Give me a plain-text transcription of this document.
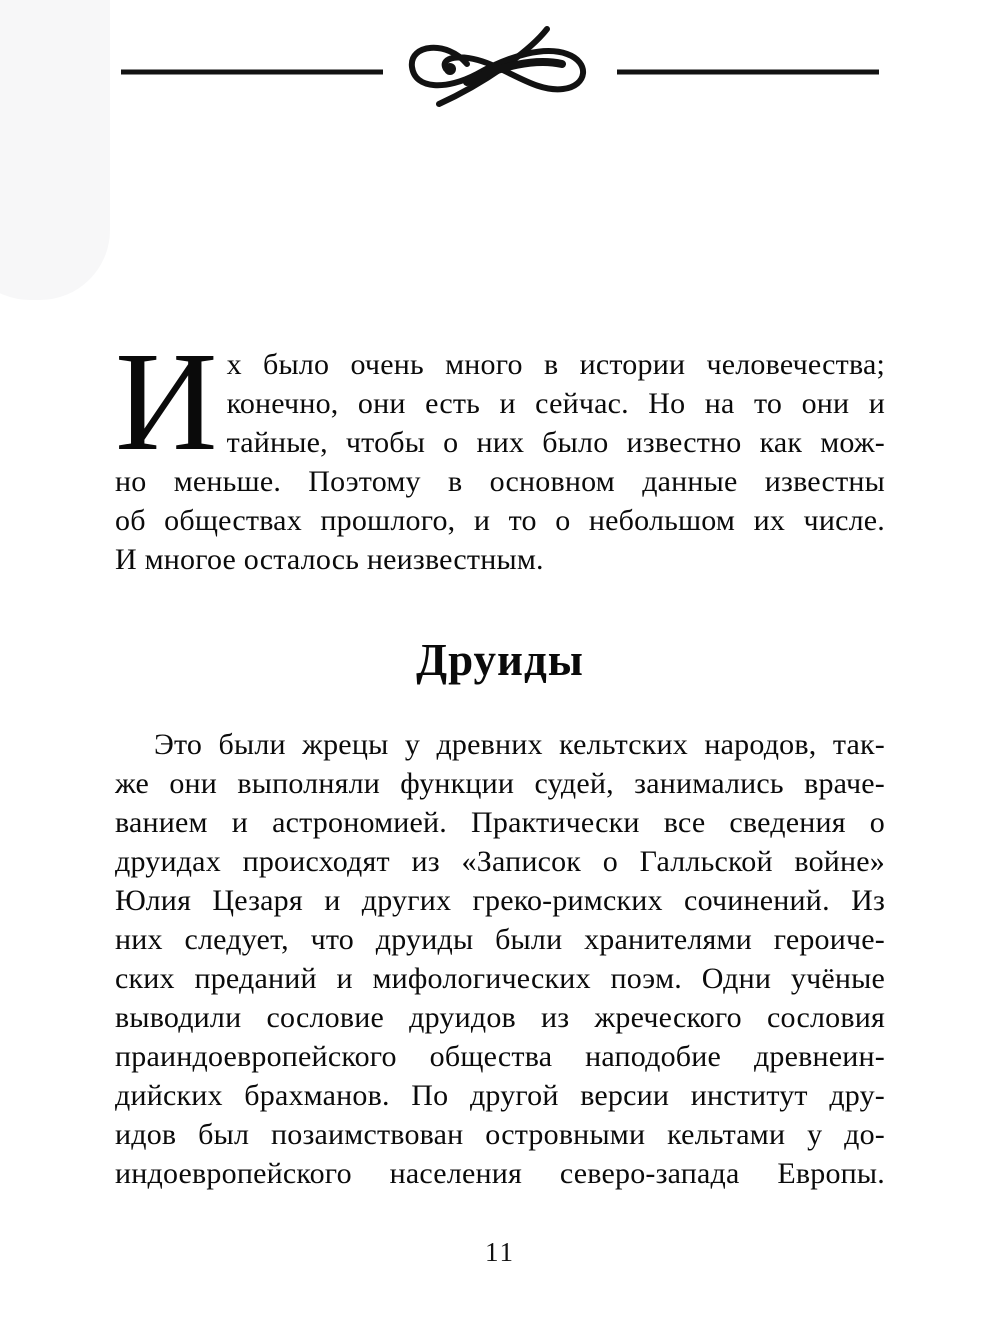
И х было очень много в истории человечества;
конечно, они есть и сейчас. Но на то они и
тайные, чтобы о них было известно как мож-
но меньше. Поэтому в основном данные известны
об обществах прошлого, и то о небольшом их числе.
И многое осталось неизвестным.
Друиды
Это были жрецы у древних кельтских народов, так-
же они выполняли функции судей, занимались враче-
ванием и астрономией. Практически все сведения о
друидах происходят из «Записок о Галльской войне»
Юлия Цезаря и других греко-римских сочинений. Из
них следует, что друиды были хранителями героиче-
ских преданий и мифологических поэм. Одни учёные
выводили сословие друидов из жреческого сословия
праиндоевропейского общества наподобие древнеин-
дийских брахманов. По другой версии институт дру-
идов был позаимствован островными кельтами у до-
индоевропейского населения северо-запада Европы.
11
